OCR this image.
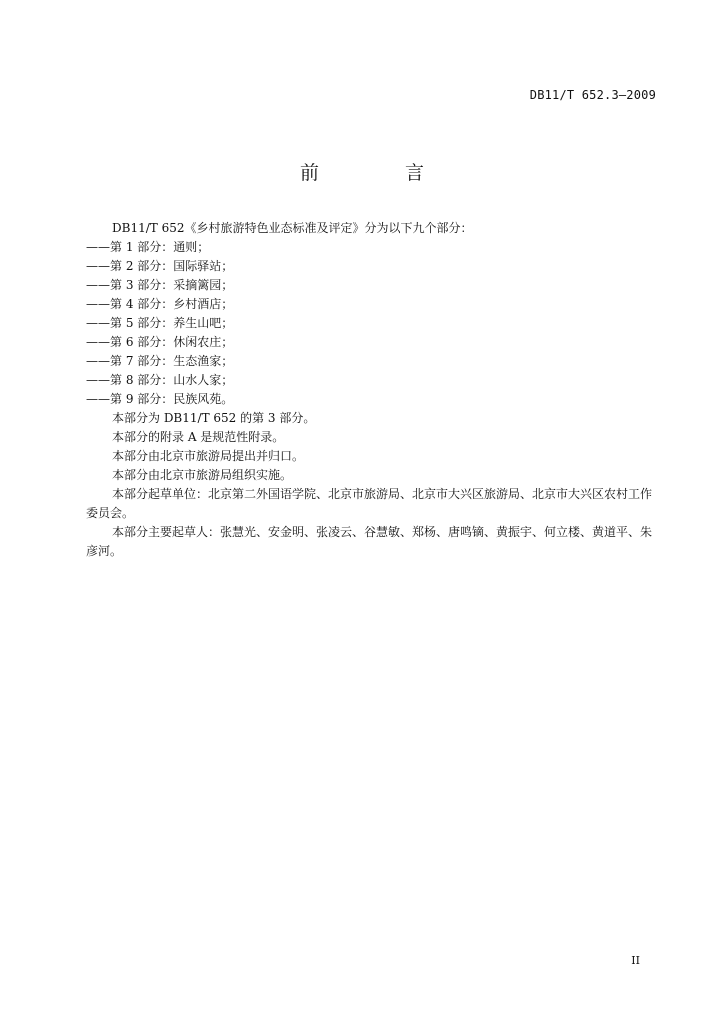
DB11/T 652.3—2009
前 言

DB11/T 652《乡村旅游特色业态标准及评定》分为以下九个部分：

——第 1 部分：通则；

——第 2 部分：国际驿站；

——第 3 部分：采摘篱园；

——第 4 部分：乡村酒店；

——第 5 部分：养生山吧；

——第 6 部分：休闲农庄；

——第 7 部分：生态渔家；

——第 8 部分：山水人家；

——第 9 部分：民族风苑。

本部分为 DB11/T 652 的第 3 部分。

本部分的附录 A 是规范性附录。

本部分由北京市旅游局提出并归口。

本部分由北京市旅游局组织实施。

本部分起草单位：北京第二外国语学院、北京市旅游局、北京市大兴区旅游局、北京市大兴区农村工作委员会。

本部分主要起草人：张慧光、安金明、张凌云、谷慧敏、郑杨、唐鸣镝、黄振宇、何立楼、黄道平、朱彦河。

II
